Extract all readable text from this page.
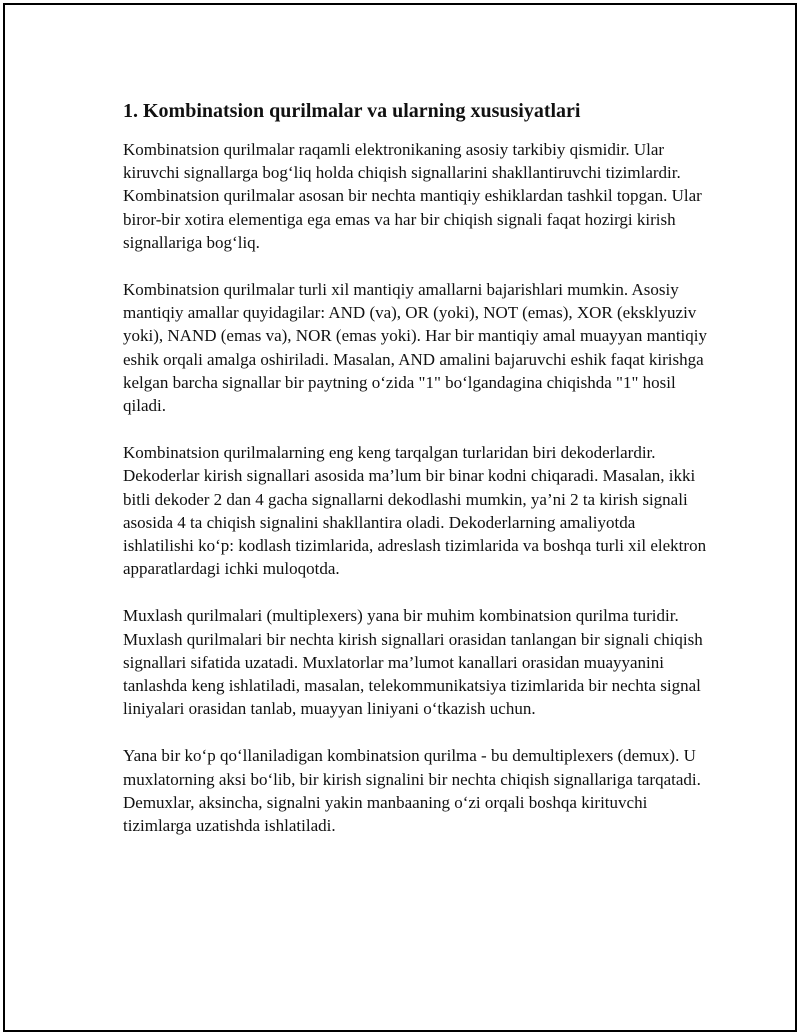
1. Kombinatsion qurilmalar va ularning xususiyatlari

Kombinatsion qurilmalar raqamli elektronikaning asosiy tarkibiy qismidir. Ular kiruvchi signallarga bog‘liq holda chiqish signallarini shakllantiruvchi tizimlardir. Kombinatsion qurilmalar asosan bir nechta mantiqiy eshiklardan tashkil topgan. Ular biror-bir xotira elementiga ega emas va har bir chiqish signali faqat hozirgi kirish signallariga bog‘liq.

Kombinatsion qurilmalar turli xil mantiqiy amallarni bajarishlari mumkin. Asosiy mantiqiy amallar quyidagilar: AND (va), OR (yoki), NOT (emas), XOR (eksklyuziv yoki), NAND (emas va), NOR (emas yoki). Har bir mantiqiy amal muayyan mantiqiy eshik orqali amalga oshiriladi. Masalan, AND amalini bajaruvchi eshik faqat kirishga kelgan barcha signallar bir paytning o‘zida "1" bo‘lgandagina chiqishda "1" hosil qiladi.

Kombinatsion qurilmalarning eng keng tarqalgan turlaridan biri dekoderlardir. Dekoderlar kirish signallari asosida ma’lum bir binar kodni chiqaradi. Masalan, ikki bitli dekoder 2 dan 4 gacha signallarni dekodlashi mumkin, ya’ni 2 ta kirish signali asosida 4 ta chiqish signalini shakllantira oladi. Dekoderlarning amaliyotda ishlatilishi ko‘p: kodlash tizimlarida, adreslash tizimlarida va boshqa turli xil elektron apparatlardagi ichki muloqotda.

Muxlash qurilmalari (multiplexers) yana bir muhim kombinatsion qurilma turidir. Muxlash qurilmalari bir nechta kirish signallari orasidan tanlangan bir signali chiqish signallari sifatida uzatadi. Muxlatorlar ma’lumot kanallari orasidan muayyanini tanlashda keng ishlatiladi, masalan, telekommunikatsiya tizimlarida bir nechta signal liniyalari orasidan tanlab, muayyan liniyani o‘tkazish uchun.

Yana bir ko‘p qo‘llaniladigan kombinatsion qurilma - bu demultiplexers (demux). U muxlatorning aksi bo‘lib, bir kirish signalini bir nechta chiqish signallariga tarqatadi. Demuxlar, aksincha, signalni yakin manbaaning o‘zi orqali boshqa kirituvchi tizimlarga uzatishda ishlatiladi.
